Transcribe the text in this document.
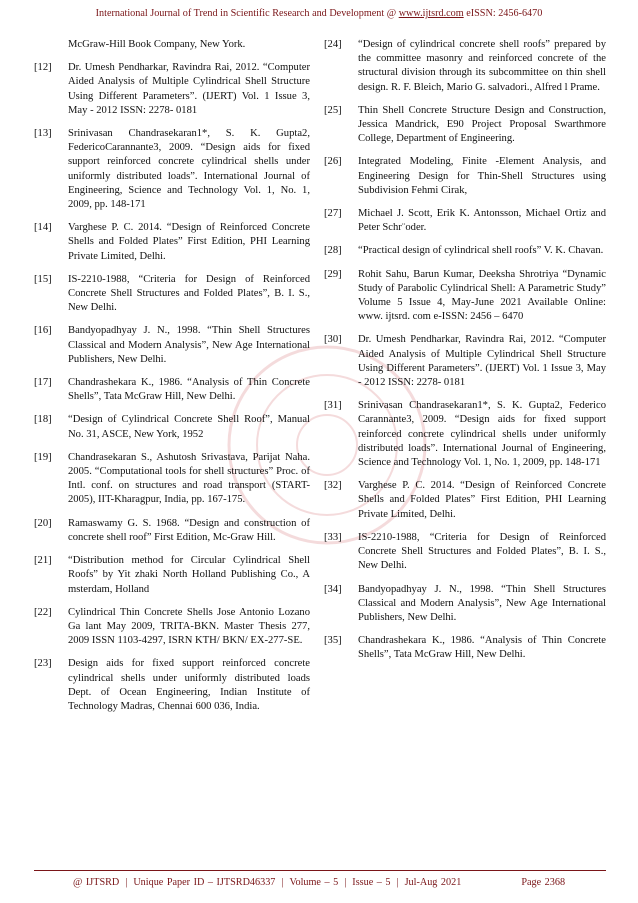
International Journal of Trend in Scientific Research and Development @ www.ijtsrd.com eISSN: 2456-6470
McGraw-Hill Book Company, New York.
[12]	Dr. Umesh Pendharkar, Ravindra Rai, 2012. “Computer Aided Analysis of Multiple Cylindrical Shell Structure Using Different Parameters”. (IJERT) Vol. 1 Issue 3, May - 2012 ISSN: 2278- 0181
[13]	Srinivasan Chandrasekaran1*, S. K. Gupta2, FedericoCarannante3, 2009. “Design aids for fixed support reinforced concrete cylindrical shells under uniformly distributed loads”. International Journal of Engineering, Science and Technology Vol. 1, No. 1, 2009, pp. 148-171
[14]	Varghese P. C. 2014. “Design of Reinforced Concrete Shells and Folded Plates” First Edition, PHI Learning Private Limited, Delhi.
[15]	IS-2210-1988, “Criteria for Design of Reinforced Concrete Shell Structures and Folded Plates”, B. I. S., New Delhi.
[16]	Bandyopadhyay J. N., 1998. “Thin Shell Structures Classical and Modern Analysis”, New Age International Publishers, New Delhi.
[17]	Chandrashekara K., 1986. “Analysis of Thin Concrete Shells”, Tata McGraw Hill, New Delhi.
[18]	“Design of Cylindrical Concrete Shell Roof”, Manual No. 31, ASCE, New York, 1952
[19]	Chandrasekaran S., Ashutosh Srivastava, Parijat Naha. 2005. “Computational tools for shell structures” Proc. of Intl. conf. on structures and road transport (START-2005), IIT-Kharagpur, India, pp. 167-175.
[20]	Ramaswamy G. S. 1968. “Design and construction of concrete shell roof” First Edition, Mc-Graw Hill.
[21]	“Distribution method for Circular Cylindrical Shell Roofs” by Yit zhaki North Holland Publishing Co., A msterdam, Holland
[22]	Cylindrical Thin Concrete Shells Jose Antonio Lozano Ga lant May 2009, TRITA-BKN. Master Thesis 277, 2009 ISSN 1103-4297, ISRN KTH/ BKN/ EX-277-SE.
[23]	Design aids for fixed support reinforced concrete cylindrical shells under uniformly distributed loads Dept. of Ocean Engineering, Indian Institute of Technology Madras, Chennai 600 036, India.
[24]	“Design of cylindrical concrete shell roofs” prepared by the committee masonry and reinforced concrete of the structural division through its subcommittee on thin shell design. R. F. Bleich, Mario G. salvadori., Alfred l Prame.
[25]	Thin Shell Concrete Structure Design and Construction, Jessica Mandrick, E90 Project Proposal Swarthmore College, Department of Engineering.
[26]	Integrated Modeling, Finite -Element Analysis, and Engineering Design for Thin-Shell Structures using Subdivision Fehmi Cirak,
[27]	Michael J. Scott, Erik K. Antonsson, Michael Ortiz and Peter Schr¨oder.
[28]	“Practical design of cylindrical shell roofs” V. K. Chavan.
[29]	Rohit Sahu, Barun Kumar, Deeksha Shrotriya “Dynamic Study of Parabolic Cylindrical Shell: A Parametric Study” Volume 5 Issue 4, May-June 2021 Available Online: www. ijtsrd. com e-ISSN: 2456 – 6470
[30]	Dr. Umesh Pendharkar, Ravindra Rai, 2012. “Computer Aided Analysis of Multiple Cylindrical Shell Structure Using Different Parameters”. (IJERT) Vol. 1 Issue 3, May - 2012 ISSN: 2278- 0181
[31]	Srinivasan Chandrasekaran1*, S. K. Gupta2, Federico Carannante3, 2009. “Design aids for fixed support reinforced concrete cylindrical shells under uniformly distributed loads”. International Journal of Engineering, Science and Technology Vol. 1, No. 1, 2009, pp. 148-171
[32]	Varghese P. C. 2014. “Design of Reinforced Concrete Shells and Folded Plates” First Edition, PHI Learning Private Limited, Delhi.
[33]	IS-2210-1988, “Criteria for Design of Reinforced Concrete Shell Structures and Folded Plates”, B. I. S., New Delhi.
[34]	Bandyopadhyay J. N., 1998. “Thin Shell Structures Classical and Modern Analysis”, New Age International Publishers, New Delhi.
[35]	Chandrashekara K., 1986. “Analysis of Thin Concrete Shells”, Tata McGraw Hill, New Delhi.
@ IJTSRD | Unique Paper ID – IJTSRD46337 | Volume – 5 | Issue – 5 | Jul-Aug 2021	Page 2368
